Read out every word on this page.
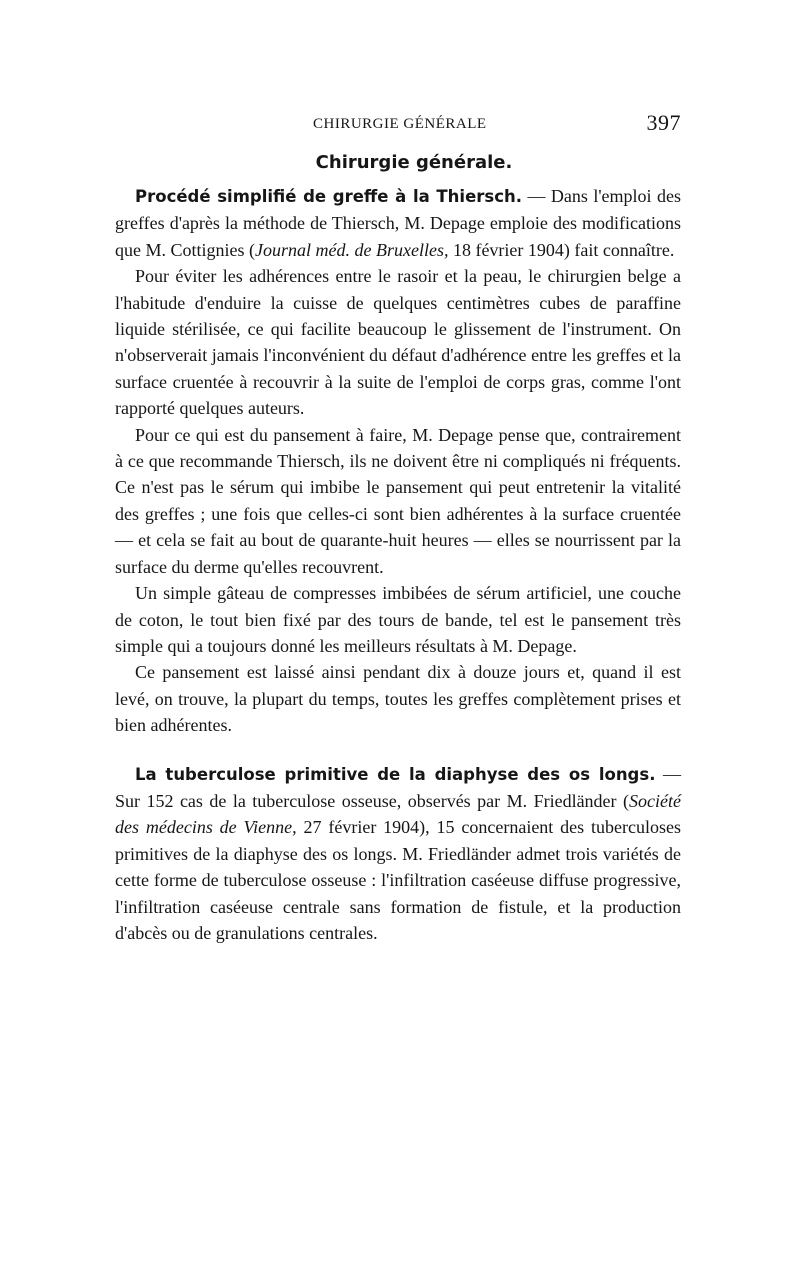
CHIRURGIE GÉNÉRALE	397
Chirurgie générale.

Procédé simplifié de greffe à la Thiersch. — Dans l'emploi des greffes d'après la méthode de Thiersch, M. Depage emploie des modifications que M. Cottignies (Journal méd. de Bruxelles, 18 février 1904) fait connaître.

Pour éviter les adhérences entre le rasoir et la peau, le chirurgien belge a l'habitude d'enduire la cuisse de quelques centimètres cubes de paraffine liquide stérilisée, ce qui facilite beaucoup le glissement de l'instrument. On n'observerait jamais l'inconvénient du défaut d'adhérence entre les greffes et la surface cruentée à recouvrir à la suite de l'emploi de corps gras, comme l'ont rapporté quelques auteurs.

Pour ce qui est du pansement à faire, M. Depage pense que, contrairement à ce que recommande Thiersch, ils ne doivent être ni compliqués ni fréquents. Ce n'est pas le sérum qui imbibe le pansement qui peut entretenir la vitalité des greffes ; une fois que celles-ci sont bien adhérentes à la surface cruentée — et cela se fait au bout de quarante-huit heures — elles se nourrissent par la surface du derme qu'elles recouvrent.

Un simple gâteau de compresses imbibées de sérum artificiel, une couche de coton, le tout bien fixé par des tours de bande, tel est le pansement très simple qui a toujours donné les meilleurs résultats à M. Depage.

Ce pansement est laissé ainsi pendant dix à douze jours et, quand il est levé, on trouve, la plupart du temps, toutes les greffes complètement prises et bien adhérentes.

La tuberculose primitive de la diaphyse des os longs. — Sur 152 cas de la tuberculose osseuse, observés par M. Friedländer (Société des médecins de Vienne, 27 février 1904), 15 concernaient des tuberculoses primitives de la diaphyse des os longs. M. Friedländer admet trois variétés de cette forme de tuberculose osseuse : l'infiltration caséeuse diffuse progressive, l'infiltration caséeuse centrale sans formation de fistule, et la production d'abcès ou de granulations centrales.
